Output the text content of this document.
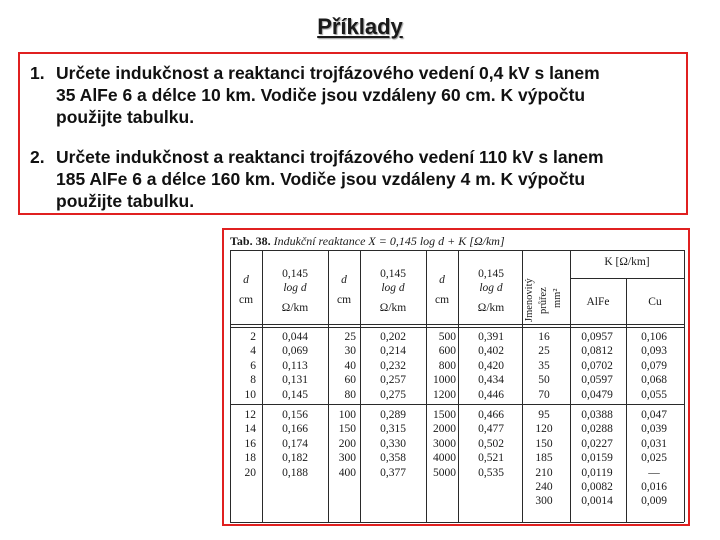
Příklady
1. Určete indukčnost a reaktanci trojfázového vedení 0,4 kV s lanem
35 AlFe 6 a délce 10 km. Vodiče jsou vzdáleny 60 cm. K výpočtu
použijte tabulku.
2. Určete indukčnost a reaktanci trojfázového vedení 110 kV s lanem
185 AlFe 6 a délce 160 km. Vodiče jsou vzdáleny 4 m. K výpočtu
použijte tabulku.
Tab. 38. Indukční reaktance X = 0,145 log d + K [Ω/km]
d
cm
0,145
log d
Ω/km
d
cm
0,145
log d
Ω/km
d
cm
0,145
log d
Ω/km	Jmenovitý průřez mm²
K [Ω/km]
AlFe	Cu
2
4
6
8
10
12
14
16
18
20
0,044
0,069
0,113
0,131
0,145
0,156
0,166
0,174
0,182
0,188
25
30
40
60
80
100
150
200
300
400
0,202
0,214
0,232
0,257
0,275
0,289
0,315
0,330
0,358
0,377
500
600
800
1000
1200
1500
2000
3000
4000
5000
0,391
0,402
0,420
0,434
0,446
0,466
0,477
0,502
0,521
0,535
16
25
35
50
70
95
120
150
185
210
240
300
0,0957
0,0812
0,0702
0,0597
0,0479
0,0388
0,0288
0,0227
0,0159
0,0119
0,0082
0,0014
0,106
0,093
0,079
0,068
0,055
0,047
0,039
0,031
0,025
—
0,016
0,009
